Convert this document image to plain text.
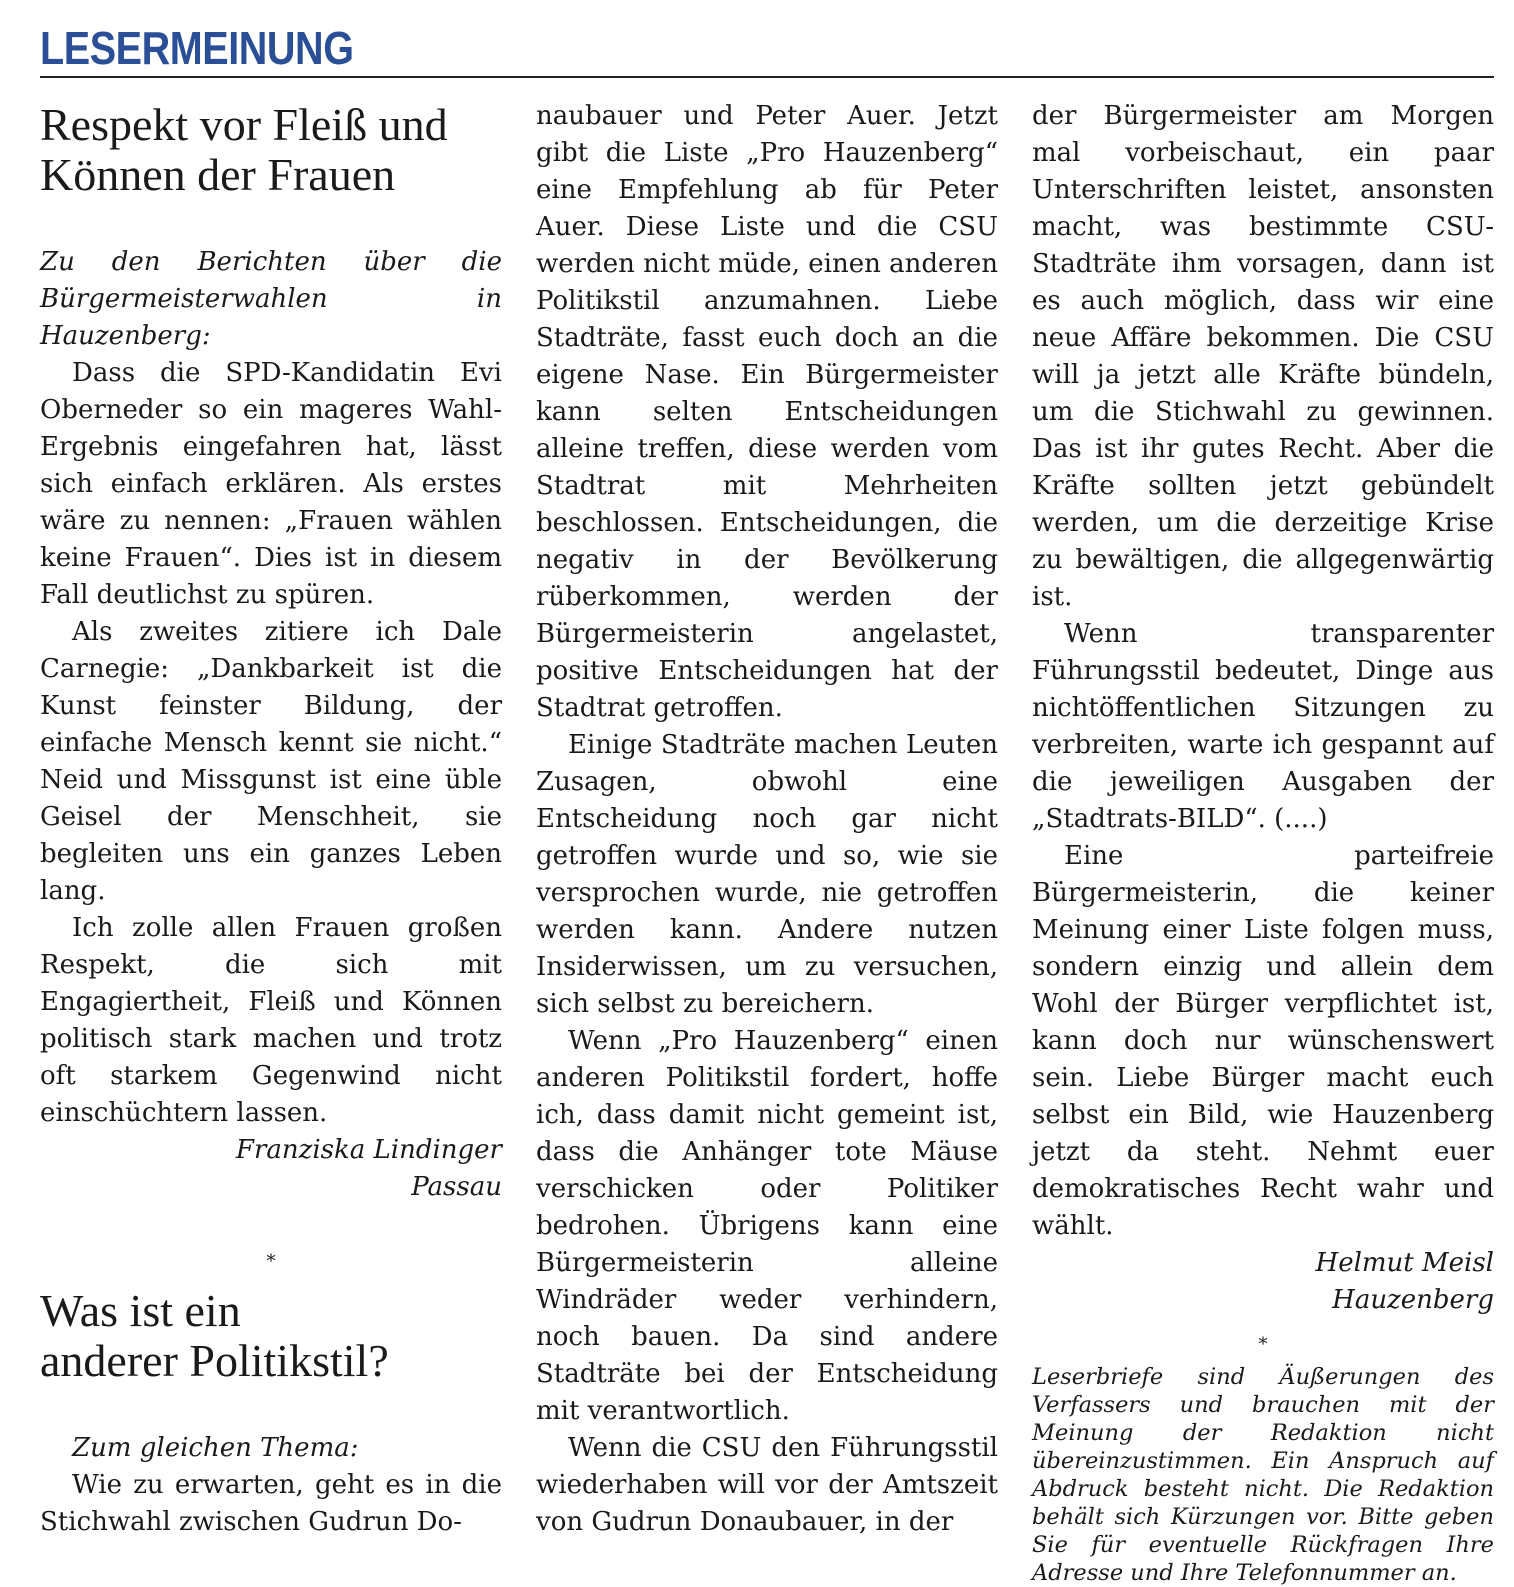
LESERMEINUNG
Respekt vor Fleiß und
Können der Frauen

Zu den Berichten über die Bürgermeisterwahlen in Hauzenberg:

Dass die SPD-Kandidatin Evi Oberneder so ein mageres Wahl-Ergebnis eingefahren hat, lässt sich einfach erklären. Als erstes wäre zu nennen: „Frauen wählen keine Frauen“. Dies ist in diesem Fall deutlichst zu spüren.

Als zweites zitiere ich Dale Carnegie: „Dankbarkeit ist die Kunst feinster Bildung, der einfache Mensch kennt sie nicht.“ Neid und Missgunst ist eine üble Geisel der Menschheit, sie begleiten uns ein ganzes Leben lang.

Ich zolle allen Frauen großen Respekt, die sich mit Engagiertheit, Fleiß und Können politisch stark machen und trotz oft starkem Gegenwind nicht einschüchtern lassen.

Franziska Lindinger
Passau
*
Was ist ein
anderer Politikstil?

Zum gleichen Thema:

Wie zu erwarten, geht es in die Stichwahl zwischen Gudrun Do-

naubauer und Peter Auer. Jetzt gibt die Liste „Pro Hauzenberg“ eine Empfehlung ab für Peter Auer. Diese Liste und die CSU werden nicht müde, einen anderen Politikstil anzumahnen. Liebe Stadträte, fasst euch doch an die eigene Nase. Ein Bürgermeister kann selten Entscheidungen alleine treffen, diese werden vom Stadtrat mit Mehrheiten beschlossen. Entscheidungen, die negativ in der Bevölkerung rüberkommen, werden der Bürgermeisterin angelastet, positive Entscheidungen hat der Stadtrat getroffen.

Einige Stadträte machen Leuten Zusagen, obwohl eine Entscheidung noch gar nicht getroffen wurde und so, wie sie versprochen wurde, nie getroffen werden kann. Andere nutzen Insiderwissen, um zu versuchen, sich selbst zu bereichern.

Wenn „Pro Hauzenberg“ einen anderen Politikstil fordert, hoffe ich, dass damit nicht gemeint ist, dass die Anhänger tote Mäuse verschicken oder Politiker bedrohen. Übrigens kann eine Bürgermeisterin alleine Windräder weder verhindern, noch bauen. Da sind andere Stadträte bei der Entscheidung mit verantwortlich.

Wenn die CSU den Führungsstil wiederhaben will vor der Amtszeit von Gudrun Donaubauer, in der

der Bürgermeister am Morgen mal vorbeischaut, ein paar Unterschriften leistet, ansonsten macht, was bestimmte CSU-Stadträte ihm vorsagen, dann ist es auch möglich, dass wir eine neue Affäre bekommen. Die CSU will ja jetzt alle Kräfte bündeln, um die Stichwahl zu gewinnen. Das ist ihr gutes Recht. Aber die Kräfte sollten jetzt gebündelt werden, um die derzeitige Krise zu bewältigen, die allgegenwärtig ist.

Wenn transparenter Führungsstil bedeutet, Dinge aus nichtöffentlichen Sitzungen zu verbreiten, warte ich gespannt auf die jeweiligen Ausgaben der „Stadtrats-BILD“. (....)

Eine parteifreie Bürgermeisterin, die keiner Meinung einer Liste folgen muss, sondern einzig und allein dem Wohl der Bürger verpflichtet ist, kann doch nur wünschenswert sein. Liebe Bürger macht euch selbst ein Bild, wie Hauzenberg jetzt da steht. Nehmt euer demokratisches Recht wahr und wählt.

Helmut Meisl
Hauzenberg
*

Leserbriefe sind Äußerungen des Verfassers und brauchen mit der Meinung der Redaktion nicht übereinzustimmen. Ein Anspruch auf Abdruck besteht nicht. Die Redaktion behält sich Kürzungen vor. Bitte geben Sie für eventuelle Rückfragen Ihre Adresse und Ihre Telefonnummer an.
